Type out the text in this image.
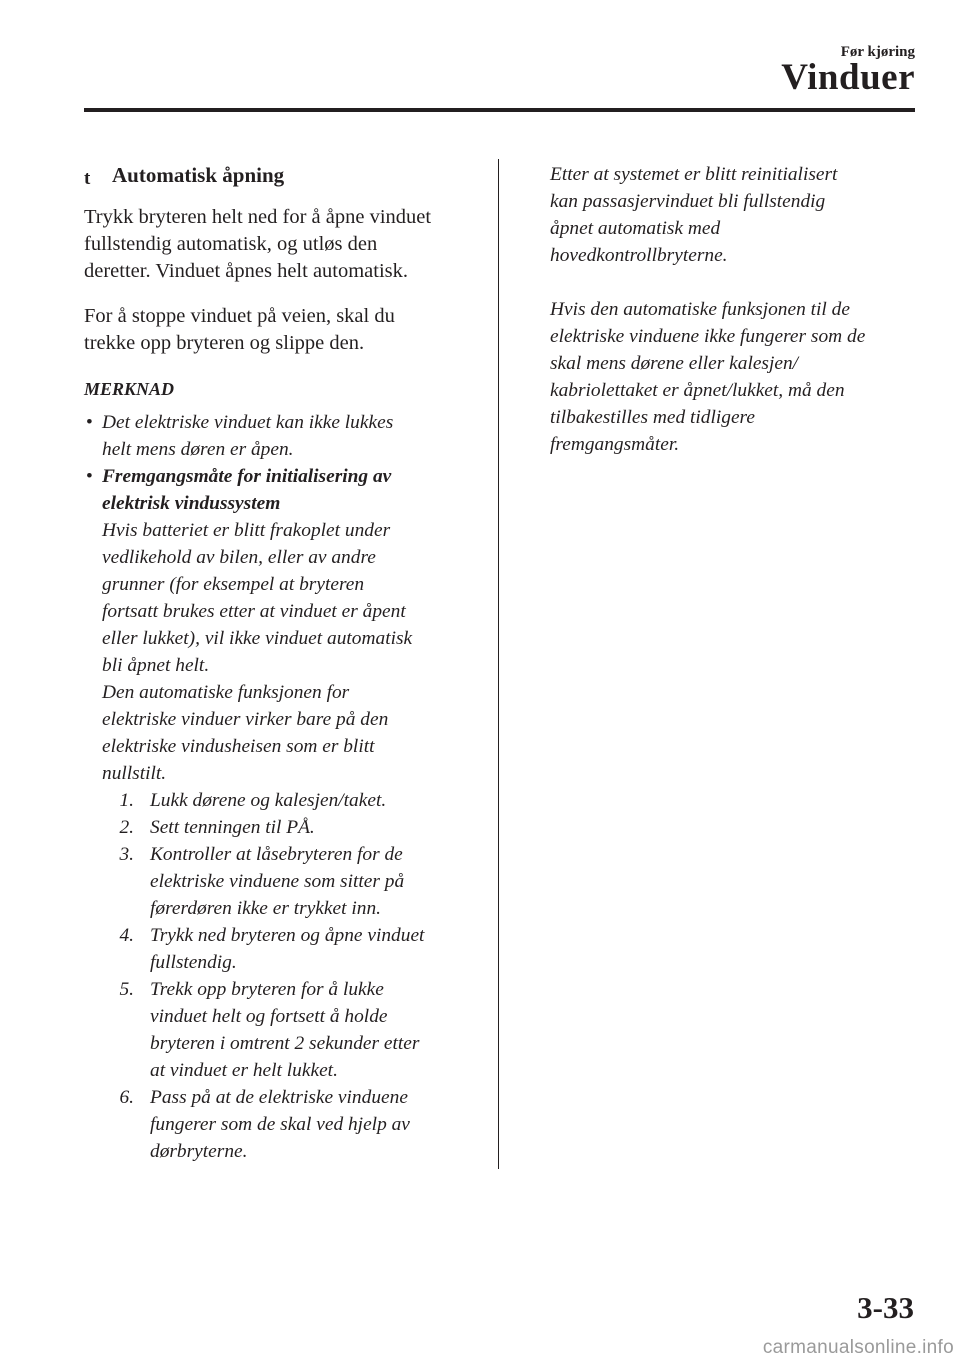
Før kjøring
Vinduer
t Automatisk åpning
Trykk bryteren helt ned for å åpne vinduet
fullstendig automatisk, og utløs den
deretter. Vinduet åpnes helt automatisk.
For å stoppe vinduet på veien, skal du
trekke opp bryteren og slippe den.
MERKNAD
• Det elektriske vinduet kan ikke lukkes
helt mens døren er åpen.
• Fremgangsmåte for initialisering av
elektrisk vindussystem
Hvis batteriet er blitt frakoplet under
vedlikehold av bilen, eller av andre
grunner (for eksempel at bryteren
fortsatt brukes etter at vinduet er åpent
eller lukket), vil ikke vinduet automatisk
bli åpnet helt.
Den automatiske funksjonen for
elektriske vinduer virker bare på den
elektriske vindusheisen som er blitt
nullstilt.
1. Lukk dørene og kalesjen/taket.
2. Sett tenningen til PÅ.
3. Kontroller at låsebryteren for de
elektriske vinduene som sitter på
førerdøren ikke er trykket inn.
4. Trykk ned bryteren og åpne vinduet
fullstendig.
5. Trekk opp bryteren for å lukke
vinduet helt og fortsett å holde
bryteren i omtrent 2 sekunder etter
at vinduet er helt lukket.
6. Pass på at de elektriske vinduene
fungerer som de skal ved hjelp av
dørbryterne.
Etter at systemet er blitt reinitialisert
kan passasjervinduet bli fullstendig
åpnet automatisk med
hovedkontrollbryterne.
Hvis den automatiske funksjonen til de
elektriske vinduene ikke fungerer som de
skal mens dørene eller kalesjen/
kabriolettaket er åpnet/lukket, må den
tilbakestilles med tidligere
fremgangsmåter.
3-33
carmanualsonline.info
